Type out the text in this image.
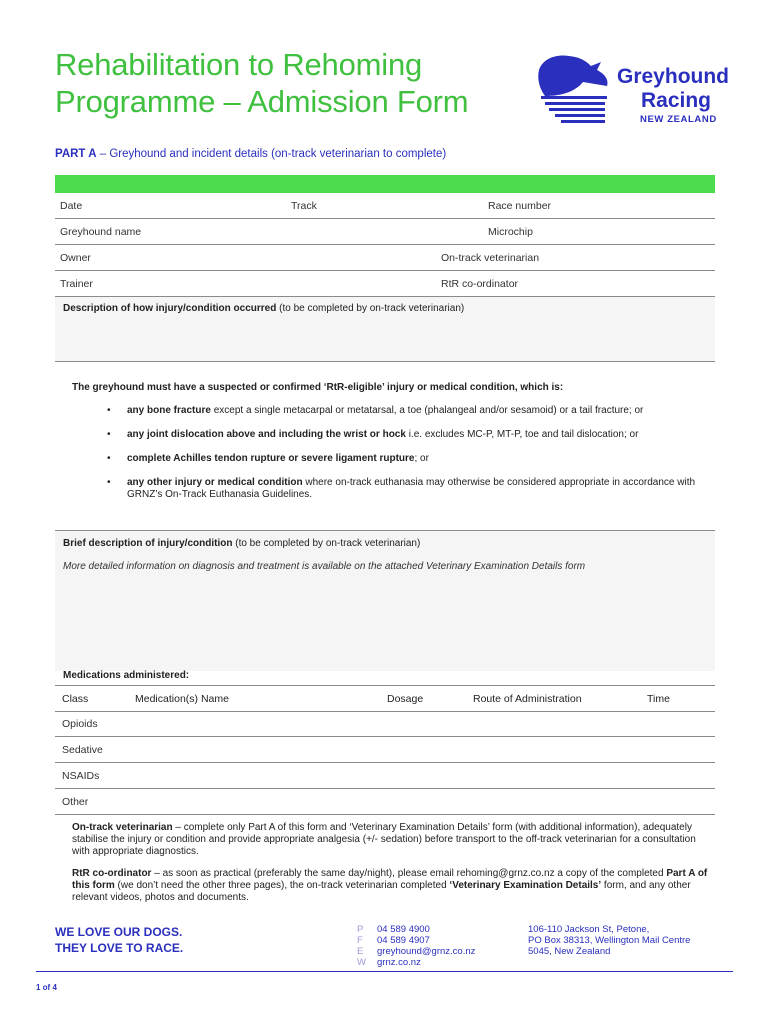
Rehabilitation to Rehoming
Programme – Admission Form
Greyhound
Racing
NEW ZEALAND
PART A – Greyhound and incident details (on-track veterinarian to complete)
Date	Track	Race number
Greyhound name	Microchip
Owner	On-track veterinarian
Trainer	RtR co-ordinator
Description of how injury/condition occurred (to be completed by on-track veterinarian)
The greyhound must have a suspected or confirmed ‘RtR-eligible’ injury or medical condition, which is:
• any bone fracture except a single metacarpal or metatarsal, a toe (phalangeal and/or sesamoid) or a tail fracture; or
• any joint dislocation above and including the wrist or hock i.e. excludes MC-P, MT-P, toe and tail dislocation; or
• complete Achilles tendon rupture or severe ligament rupture; or
• any other injury or medical condition where on-track euthanasia may otherwise be considered appropriate in accordance with GRNZ’s On-Track Euthanasia Guidelines.
Brief description of injury/condition (to be completed by on-track veterinarian)
More detailed information on diagnosis and treatment is available on the attached Veterinary Examination Details form
Medications administered:
Class	Medication(s) Name	Dosage	Route of Administration	Time
Opioids
Sedative
NSAIDs
Other

On-track veterinarian – complete only Part A of this form and ‘Veterinary Examination Details’ form (with additional information), adequately stabilise the injury or condition and provide appropriate analgesia (+/- sedation) before transport to the off-track veterinarian for a consultation with appropriate diagnostics.

RtR co-ordinator – as soon as practical (preferably the same day/night), please email rehoming@grnz.co.nz a copy of the completed Part A of this form (we don’t need the other three pages), the on-track veterinarian completed ‘Veterinary Examination Details’ form, and any other relevant videos, photos and documents.

WE LOVE OUR DOGS.
THEY LOVE TO RACE.
P 04 589 4900
F 04 589 4907
E greyhound@grnz.co.nz
W grnz.co.nz
106-110 Jackson St, Petone,
PO Box 38313, Wellington Mail Centre
5045, New Zealand
1 of 4
